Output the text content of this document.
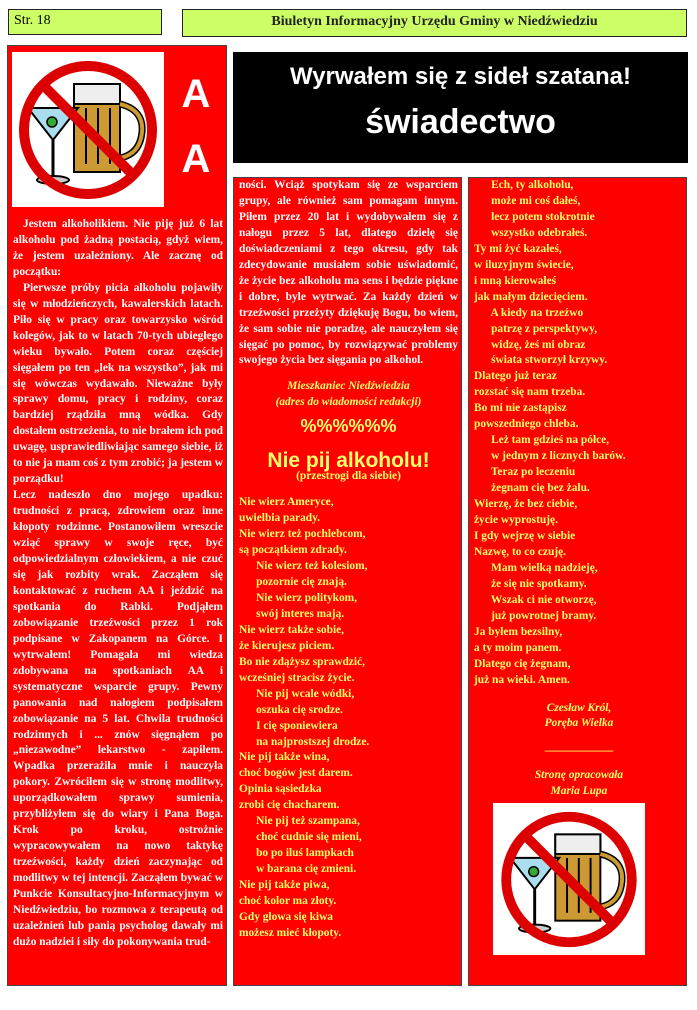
Str. 18	Biuletyn Informacyjny Urzędu Gminy w Niedźwiedziu
A
A

Jestem alkoholikiem. Nie piję już 6 lat alkoholu pod żadną postacią, gdyż wiem, że jestem uzależniony. Ale zacznę od początku:

Pierwsze próby picia alkoholu pojawiły się w młodzieńczych, kawalerskich latach. Piło się w pracy oraz towarzysko wśród kolegów, jak to w latach 70-tych ubiegłego wieku bywało. Potem coraz częściej sięgałem po ten „lek na wszystko”, jak mi się wówczas wydawało. Nieważne były sprawy domu, pracy i rodziny, coraz bardziej rządziła mną wódka. Gdy dostałem ostrzeżenia, to nie brałem ich pod uwagę, usprawiedliwiając samego siebie, iż to nie ja mam coś z tym zrobić; ja jestem w porządku!

Lecz nadeszło dno mojego upadku: trudności z pracą, zdrowiem oraz inne kłopoty rodzinne. Postanowiłem wreszcie wziąć sprawy w swoje ręce, być odpowiedzialnym człowiekiem, a nie czuć się jak rozbity wrak. Zacząłem się kontaktować z ruchem AA i jeździć na spotkania do Rabki. Podjąłem zobowiązanie trzeźwości przez 1 rok podpisane w Zakopanem na Górce. I wytrwałem! Pomagała mi wiedza zdobywana na spotkaniach AA i systematyczne wsparcie grupy. Pewny panowania nad nałogiem podpisałem zobowiązanie na 5 lat. Chwila trudności rodzinnych i ... znów sięgnąłem po „niezawodne” lekarstwo - zapiłem. Wpadka przerażiła mnie i nauczyła pokory. Zwróciłem się w stronę modlitwy, uporządkowałem sprawy sumienia, przybliżyłem się do wiary i Pana Boga. Krok po kroku, ostrożnie wypracowywałem na nowo taktykę trzeźwości, każdy dzień zaczynając od modlitwy w tej intencji. Zacząłem bywać w Punkcie Konsultacyjno-Informacyjnym w Niedźwiedziu, bo rozmowa z terapeutą od uzależnień lub panią psycholog dawały mi dużo nadziei i siły do pokonywania trud-

Wyrwałem się z sideł szatana!
świadectwo

ności. Wciąż spotykam się ze wsparciem grupy, ale również sam pomagam innym. Piłem przez 20 lat i wydobywałem się z nałogu przez 5 lat, dlatego dzielę się doświadczeniami z tego okresu, gdy tak zdecydowanie musiałem sobie uświadomić, że życie bez alkoholu ma sens i będzie piękne i dobre, byle wytrwać. Za każdy dzień w trzeźwości przeżyty dziękuję Bogu, bo wiem, że sam sobie nie poradzę, ale nauczyłem się sięgać po pomoc, by rozwiązywać problemy swojego życia bez sięgania po alkohol.

Mieszkaniec Niedźwiedzia
(adres do wiadomości redakcji)
%%%%%%
Nie pij alkoholu!
(przestrogi dla siebie)
Nie wierz Ameryce,
uwielbia parady.
Nie wierz też pochlebcom,
są początkiem zdrady.
Nie wierz też kolesiom,
pozornie cię znają.
Nie wierz politykom,
swój interes mają.
Nie wierz także sobie,
że kierujesz piciem.
Bo nie zdążysz sprawdzić,
wcześniej stracisz życie.
Nie pij wcale wódki,
oszuka cię srodze.
I cię sponiewiera
na najprostszej drodze.
Nie pij także wina,
choć bogów jest darem.
Opinia sąsiedzka
zrobi cię chacharem.
Nie pij też szampana,
choć cudnie się mieni,
bo po iluś lampkach
w barana cię zmieni.
Nie pij także piwa,
choć kolor ma złoty.
Gdy głowa się kiwa
możesz mieć kłopoty.
Ech, ty alkoholu,
może mi coś dałeś,
lecz potem stokrotnie
wszystko odebrałeś.
Ty mi żyć kazałeś,
w iluzyjnym świecie,
i mną kierowałeś
jak małym dziecięciem.
A kiedy na trzeźwo
patrzę z perspektywy,
widzę, żeś mi obraz
świata stworzył krzywy.
Dlatego już teraz
rozstać się nam trzeba.
Bo mi nie zastąpisz
powszedniego chleba.
Leż tam gdzieś na półce,
w jednym z licznych barów.
Teraz po leczeniu
żegnam cię bez żalu.
Wierzę, że bez ciebie,
życie wyprostuję.
I gdy wejrzę w siebie
Nazwę, to co czuję.
Mam wielką nadzieję,
że się nie spotkamy.
Wszak ci nie otworzę,
już powrotnej bramy.
Ja byłem bezsilny,
a ty moim panem.
Dlatego cię żegnam,
już na wieki. Amen.
Czesław Król,
Poręba Wielka
____________
Stronę opracowała
Maria Lupa
